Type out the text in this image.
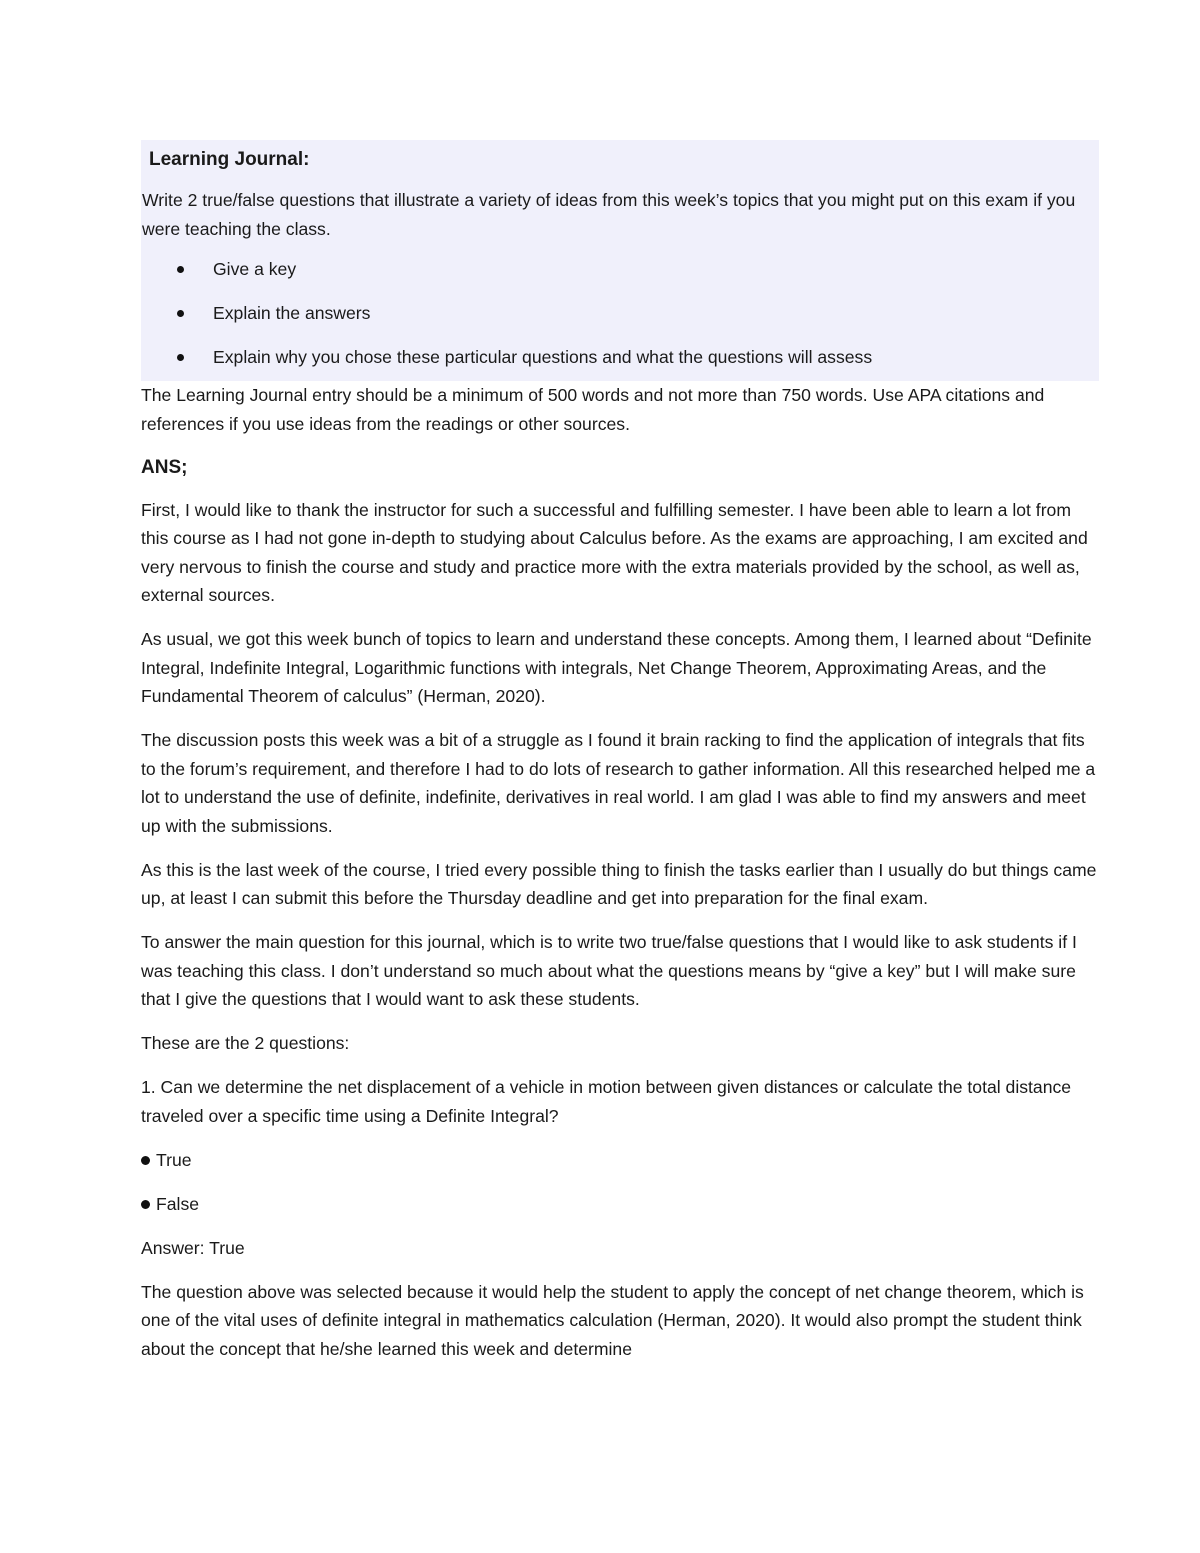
Learning Journal:

Write 2 true/false questions that illustrate a variety of ideas from this week’s topics that you might put on this exam if you were teaching the class.

Give a key
Explain the answers
Explain why you chose these particular questions and what the questions will assess

The Learning Journal entry should be a minimum of 500 words and not more than 750 words. Use APA citations and references if you use ideas from the readings or other sources.

ANS;

First, I would like to thank the instructor for such a successful and fulfilling semester. I have been able to learn a lot from this course as I had not gone in-depth to studying about Calculus before. As the exams are approaching, I am excited and very nervous to finish the course and study and practice more with the extra materials provided by the school, as well as, external sources.

As usual, we got this week bunch of topics to learn and understand these concepts. Among them, I learned about “Definite Integral, Indefinite Integral, Logarithmic functions with integrals, Net Change Theorem, Approximating Areas, and the Fundamental Theorem of calculus” (Herman, 2020).

The discussion posts this week was a bit of a struggle as I found it brain racking to find the application of integrals that fits to the forum’s requirement, and therefore I had to do lots of research to gather information. All this researched helped me a lot to understand the use of definite, indefinite, derivatives in real world. I am glad I was able to find my answers and meet up with the submissions.

As this is the last week of the course, I tried every possible thing to finish the tasks earlier than I usually do but things came up, at least I can submit this before the Thursday deadline and get into preparation for the final exam.

To answer the main question for this journal, which is to write two true/false questions that I would like to ask students if I was teaching this class. I don’t understand so much about what the questions means by “give a key” but I will make sure that I give the questions that I would want to ask these students.

These are the 2 questions:

1. Can we determine the net displacement of a vehicle in motion between given distances or calculate the total distance traveled over a specific time using a Definite Integral?

True
False

Answer: True

The question above was selected because it would help the student to apply the concept of net change theorem, which is one of the vital uses of definite integral in mathematics calculation (Herman, 2020). It would also prompt the student think about the concept that he/she learned this week and determine
